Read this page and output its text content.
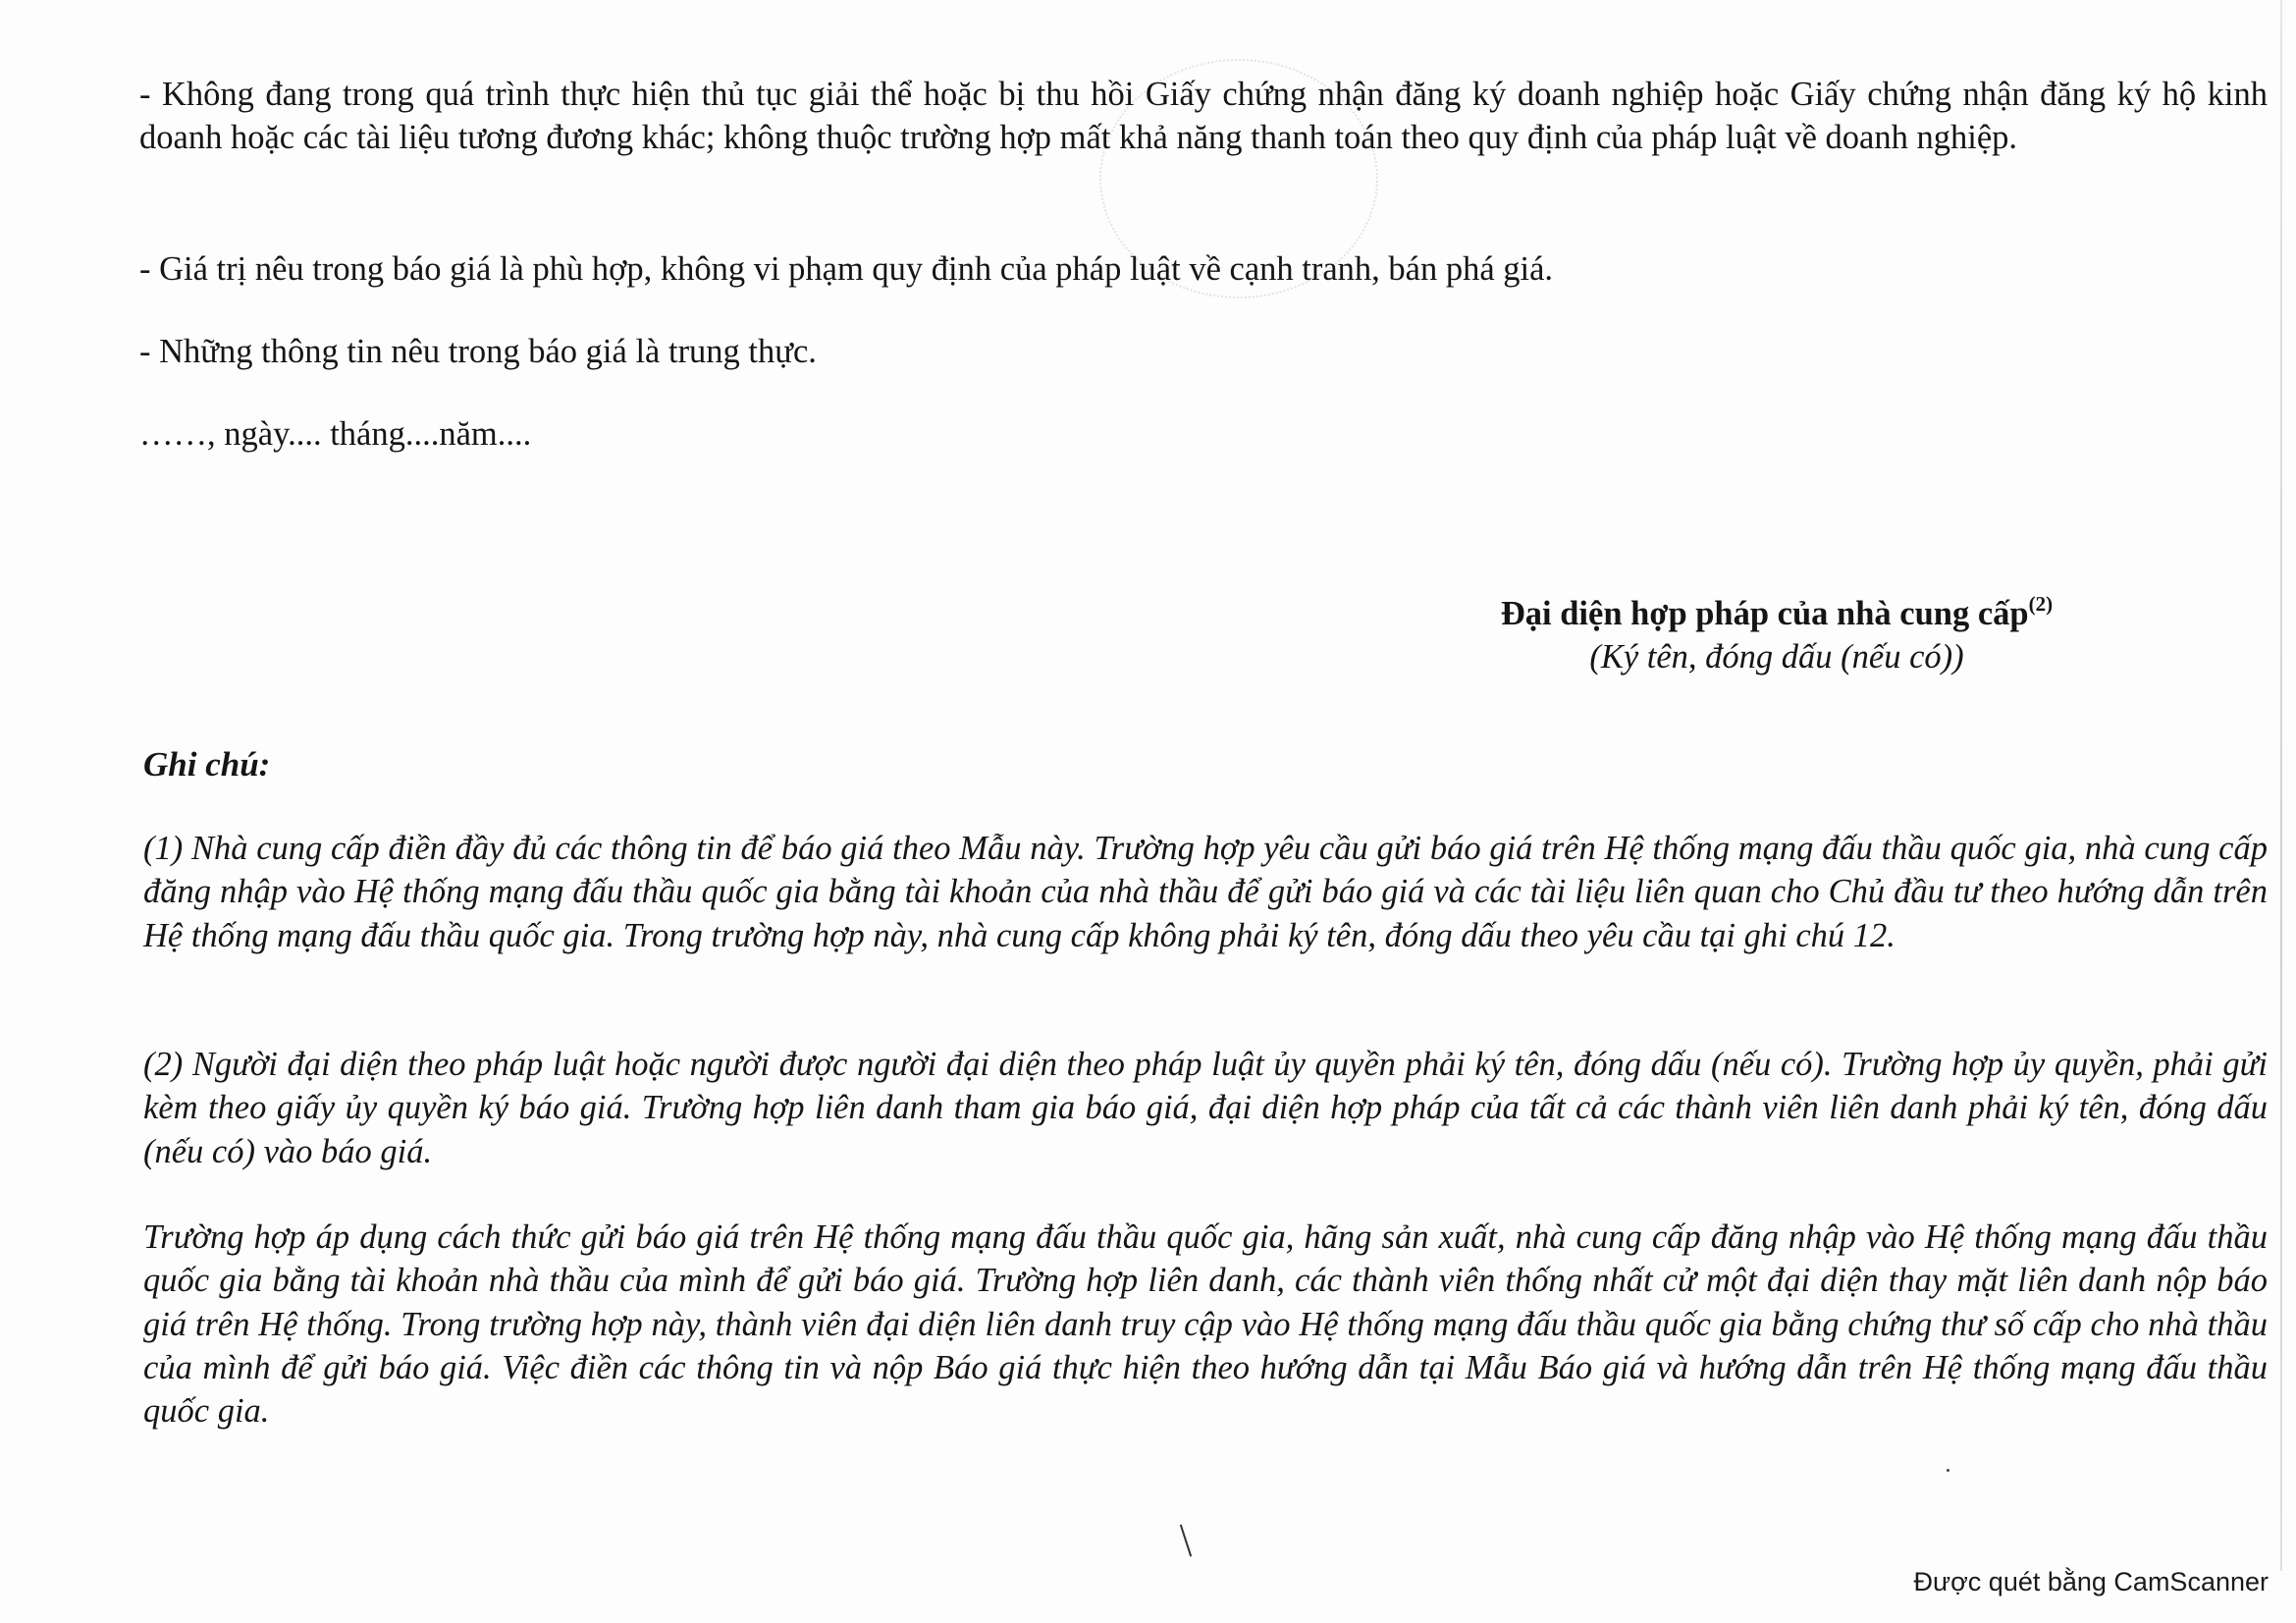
- Không đang trong quá trình thực hiện thủ tục giải thể hoặc bị thu hồi Giấy chứng nhận đăng ký doanh nghiệp hoặc Giấy chứng nhận đăng ký hộ kinh doanh hoặc các tài liệu tương đương khác; không thuộc trường hợp mất khả năng thanh toán theo quy định của pháp luật về doanh nghiệp.

- Giá trị nêu trong báo giá là phù hợp, không vi phạm quy định của pháp luật về cạnh tranh, bán phá giá.

- Những thông tin nêu trong báo giá là trung thực.

……, ngày.... tháng....năm....

Đại diện hợp pháp của nhà cung cấp$^{(2)}$
(Ký tên, đóng dấu (nếu có))
Ghi chú:

(1) Nhà cung cấp điền đầy đủ các thông tin để báo giá theo Mẫu này. Trường hợp yêu cầu gửi báo giá trên Hệ thống mạng đấu thầu quốc gia, nhà cung cấp đăng nhập vào Hệ thống mạng đấu thầu quốc gia bằng tài khoản của nhà thầu để gửi báo giá và các tài liệu liên quan cho Chủ đầu tư theo hướng dẫn trên Hệ thống mạng đấu thầu quốc gia. Trong trường hợp này, nhà cung cấp không phải ký tên, đóng dấu theo yêu cầu tại ghi chú 12.

(2) Người đại diện theo pháp luật hoặc người được người đại diện theo pháp luật ủy quyền phải ký tên, đóng dấu (nếu có). Trường hợp ủy quyền, phải gửi kèm theo giấy ủy quyền ký báo giá. Trường hợp liên danh tham gia báo giá, đại diện hợp pháp của tất cả các thành viên liên danh phải ký tên, đóng dấu (nếu có) vào báo giá.

Trường hợp áp dụng cách thức gửi báo giá trên Hệ thống mạng đấu thầu quốc gia, hãng sản xuất, nhà cung cấp đăng nhập vào Hệ thống mạng đấu thầu quốc gia bằng tài khoản nhà thầu của mình để gửi báo giá. Trường hợp liên danh, các thành viên thống nhất cử một đại diện thay mặt liên danh nộp báo giá trên Hệ thống. Trong trường hợp này, thành viên đại diện liên danh truy cập vào Hệ thống mạng đấu thầu quốc gia bằng chứng thư số cấp cho nhà thầu của mình để gửi báo giá. Việc điền các thông tin và nộp Báo giá thực hiện theo hướng dẫn tại Mẫu Báo giá và hướng dẫn trên Hệ thống mạng đấu thầu quốc gia.

Được quét bằng CamScanner
